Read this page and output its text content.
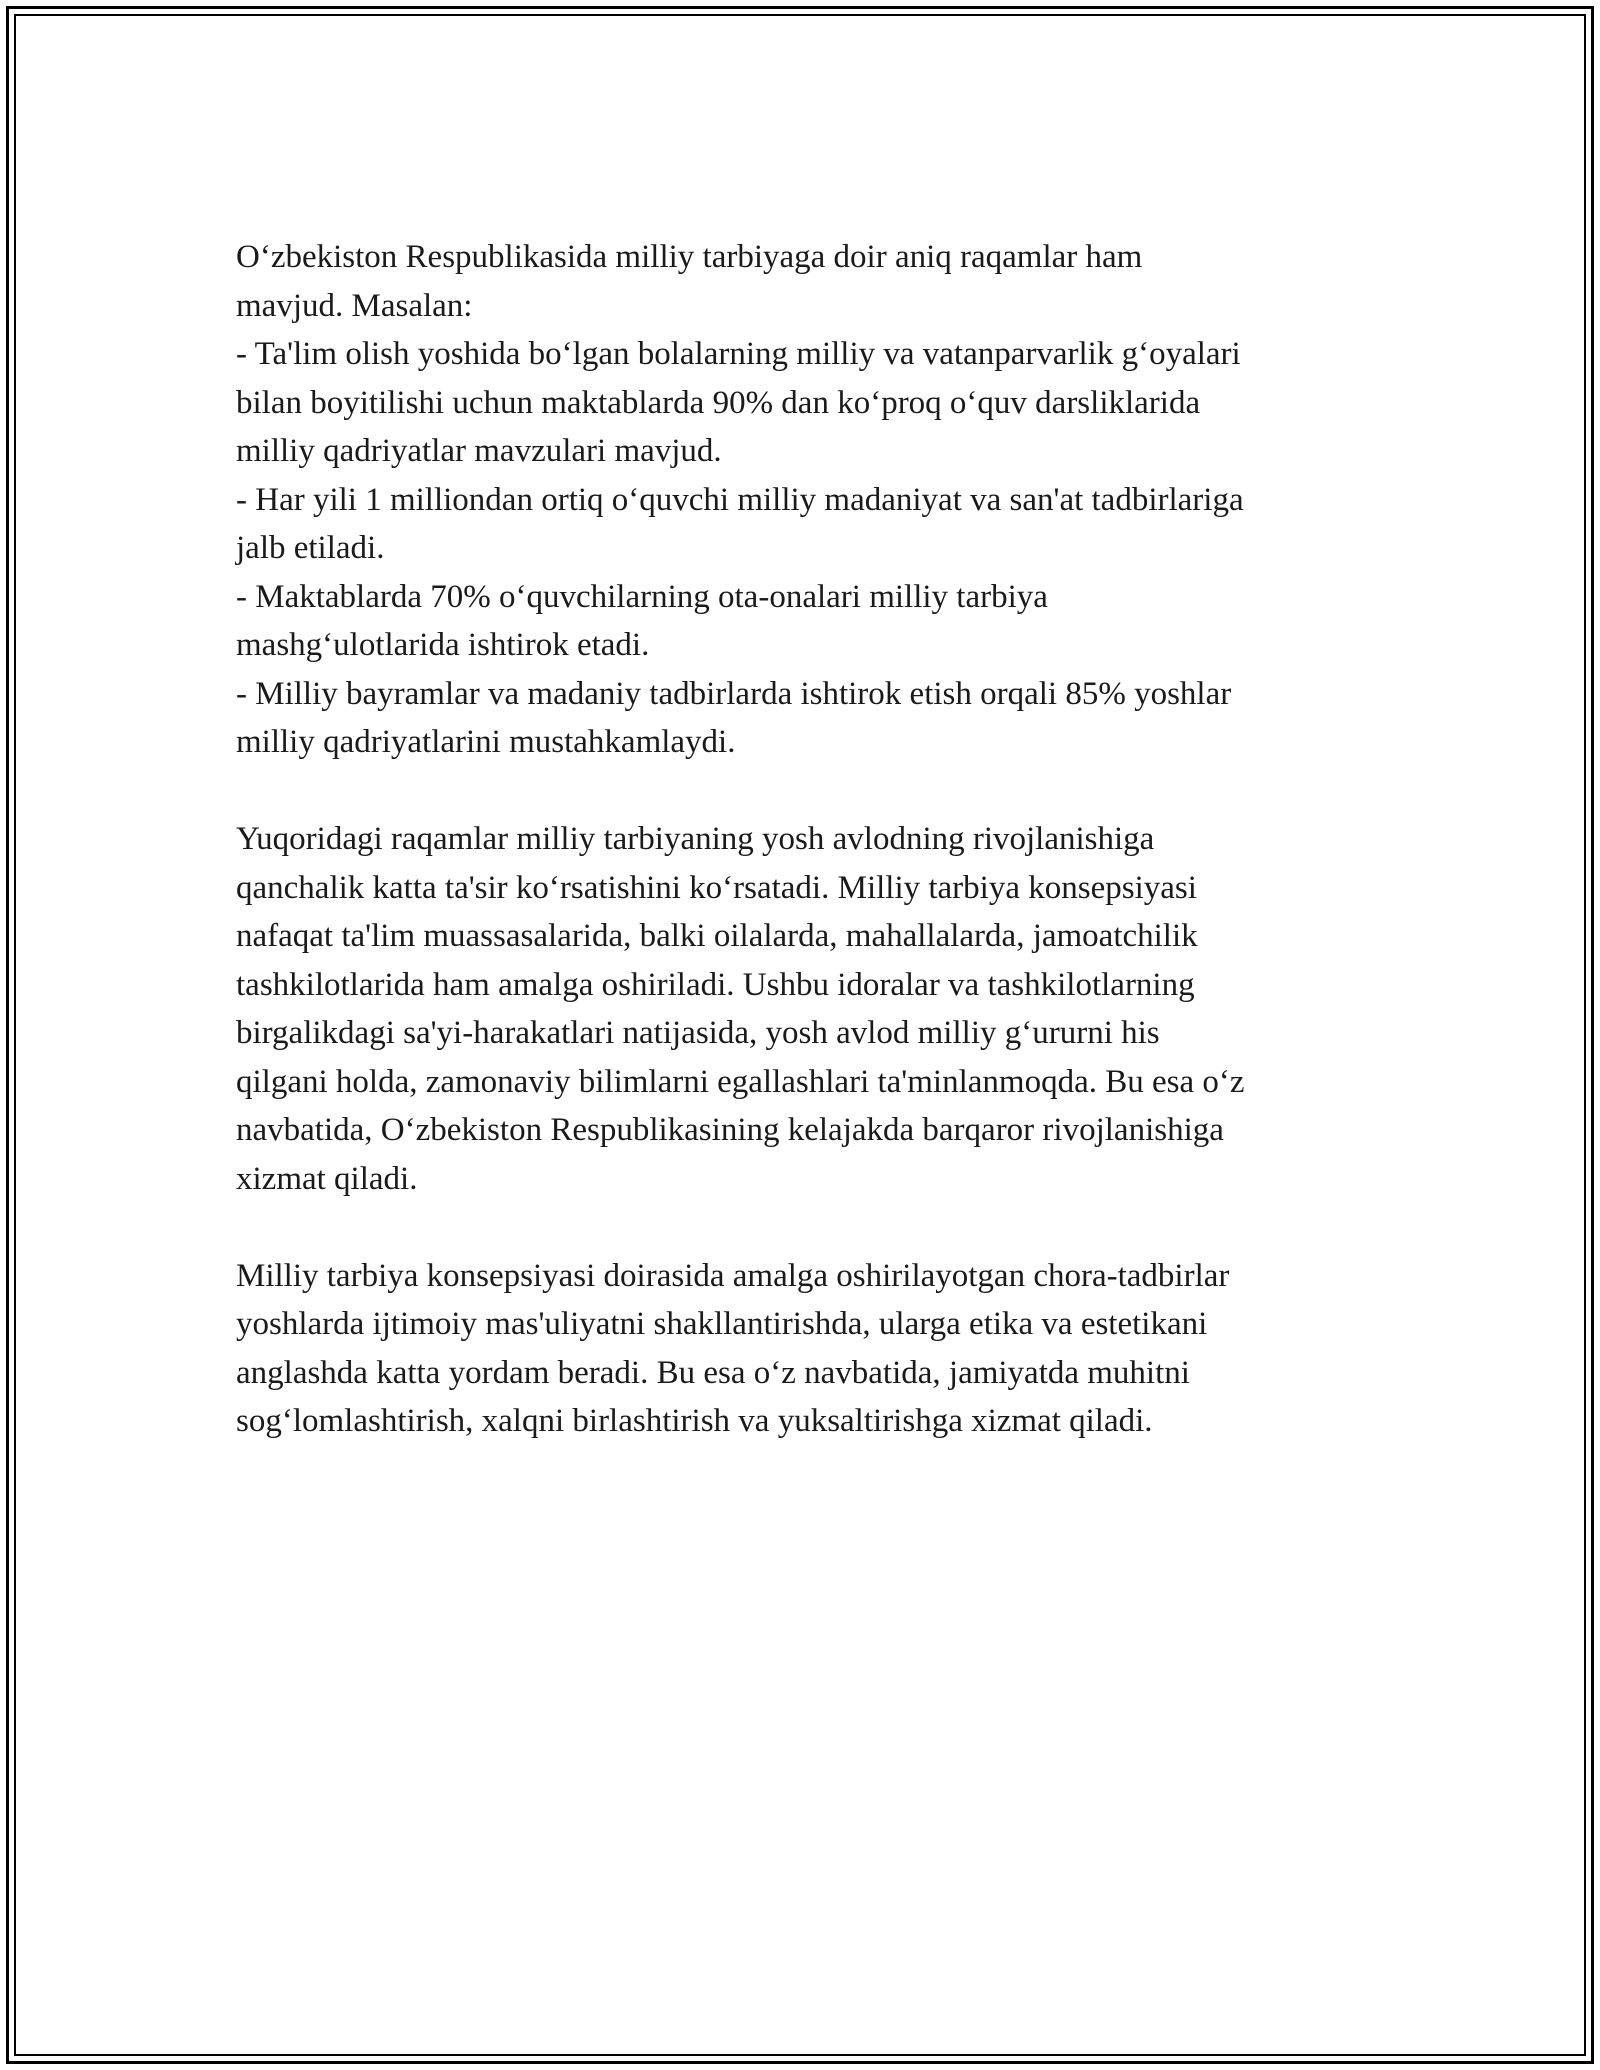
O‘zbekiston Respublikasida milliy tarbiyaga doir aniq raqamlar ham
mavjud. Masalan:
- Ta'lim olish yoshida bo‘lgan bolalarning milliy va vatanparvarlik g‘oyalari
bilan boyitilishi uchun maktablarda 90% dan ko‘proq o‘quv darsliklarida
milliy qadriyatlar mavzulari mavjud.
- Har yili 1 milliondan ortiq o‘quvchi milliy madaniyat va san'at tadbirlariga
jalb etiladi.
- Maktablarda 70% o‘quvchilarning ota-onalari milliy tarbiya
mashg‘ulotlarida ishtirok etadi.
- Milliy bayramlar va madaniy tadbirlarda ishtirok etish orqali 85% yoshlar
milliy qadriyatlarini mustahkamlaydi.

Yuqoridagi raqamlar milliy tarbiyaning yosh avlodning rivojlanishiga
qanchalik katta ta'sir ko‘rsatishini ko‘rsatadi. Milliy tarbiya konsepsiyasi
nafaqat ta'lim muassasalarida, balki oilalarda, mahallalarda, jamoatchilik
tashkilotlarida ham amalga oshiriladi. Ushbu idoralar va tashkilotlarning
birgalikdagi sa'yi-harakatlari natijasida, yosh avlod milliy g‘ururni his
qilgani holda, zamonaviy bilimlarni egallashlari ta'minlanmoqda. Bu esa o‘z
navbatida, O‘zbekiston Respublikasining kelajakda barqaror rivojlanishiga
xizmat qiladi.

Milliy tarbiya konsepsiyasi doirasida amalga oshirilayotgan chora-tadbirlar
yoshlarda ijtimoiy mas'uliyatni shakllantirishda, ularga etika va estetikani
anglashda katta yordam beradi. Bu esa o‘z navbatida, jamiyatda muhitni
sog‘lomlashtirish, xalqni birlashtirish va yuksaltirishga xizmat qiladi.
